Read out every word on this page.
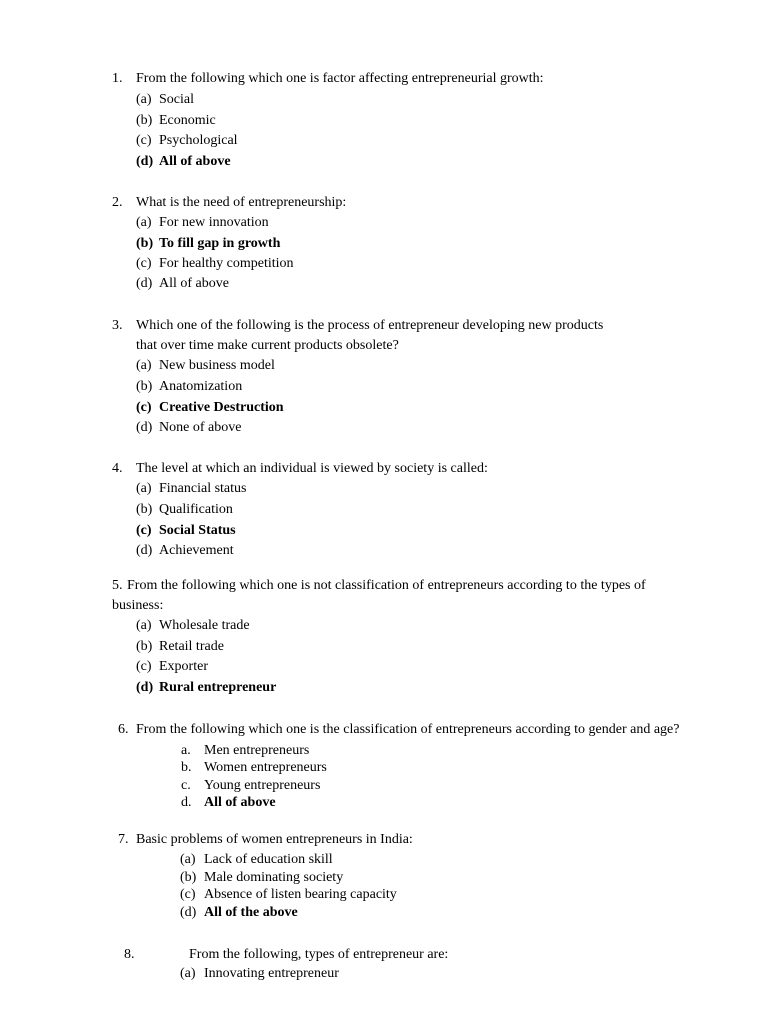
1. From the following which one is factor affecting entrepreneurial growth:
(a) Social
(b) Economic
(c) Psychological
(d) All of above
2. What is the need of entrepreneurship:
(a) For new innovation
(b) To fill gap in growth
(c) For healthy competition
(d) All of above
3. Which one of the following is the process of entrepreneur developing new products
that over time make current products obsolete?
(a) New business model
(b) Anatomization
(c) Creative Destruction
(d) None of above
4. The level at which an individual is viewed by society is called:
(a) Financial status
(b) Qualification
(c) Social Status
(d) Achievement
5. From the following which one is not classification of entrepreneurs according to the types of
business:
(a) Wholesale trade
(b) Retail trade
(c) Exporter
(d) Rural entrepreneur
6. From the following which one is the classification of entrepreneurs according to gender and age?
a. Men entrepreneurs
b. Women entrepreneurs
c. Young entrepreneurs
d. All of above
7. Basic problems of women entrepreneurs in India:
(a) Lack of education skill
(b) Male dominating society
(c) Absence of listen bearing capacity
(d) All of the above
8.	From the following, types of entrepreneur are:
(a) Innovating entrepreneur
